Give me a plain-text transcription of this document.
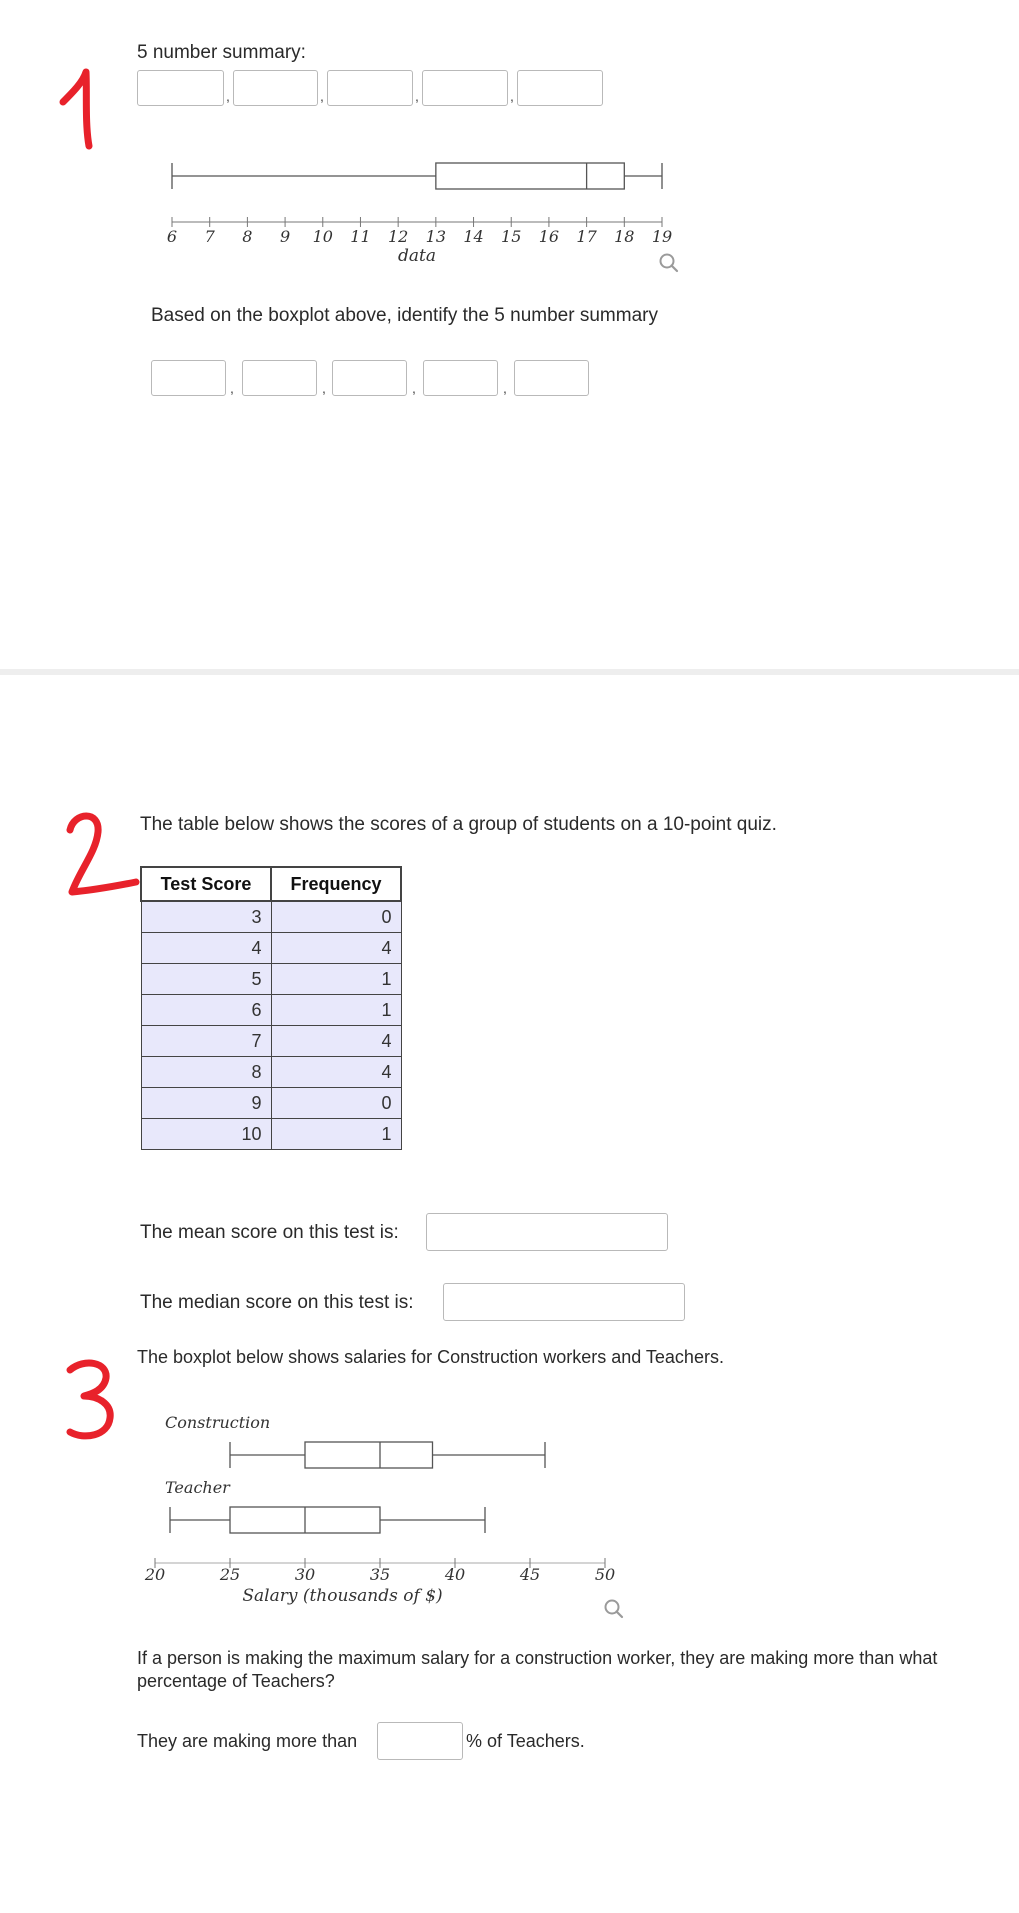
5 number summary:
,	,	,	,
6 7 8 9 10 11 12 13 14 15 16 17 18 19
data
Based on the boxplot above, identify the 5 number summary
,	,	,	,
The table below shows the scores of a group of students on a 10-point quiz.
Test Score	Frequency
3	0
4	4
5	1
6	1
7	4
8	4
9	0
10	1
The mean score on this test is:
The median score on this test is:
The boxplot below shows salaries for Construction workers and Teachers.
Construction
Teacher
20	25	30	35	40	45	50
Salary (thousands of $)
If a person is making the maximum salary for a construction worker, they are making more than what percentage of Teachers?
They are making more than	% of Teachers.
